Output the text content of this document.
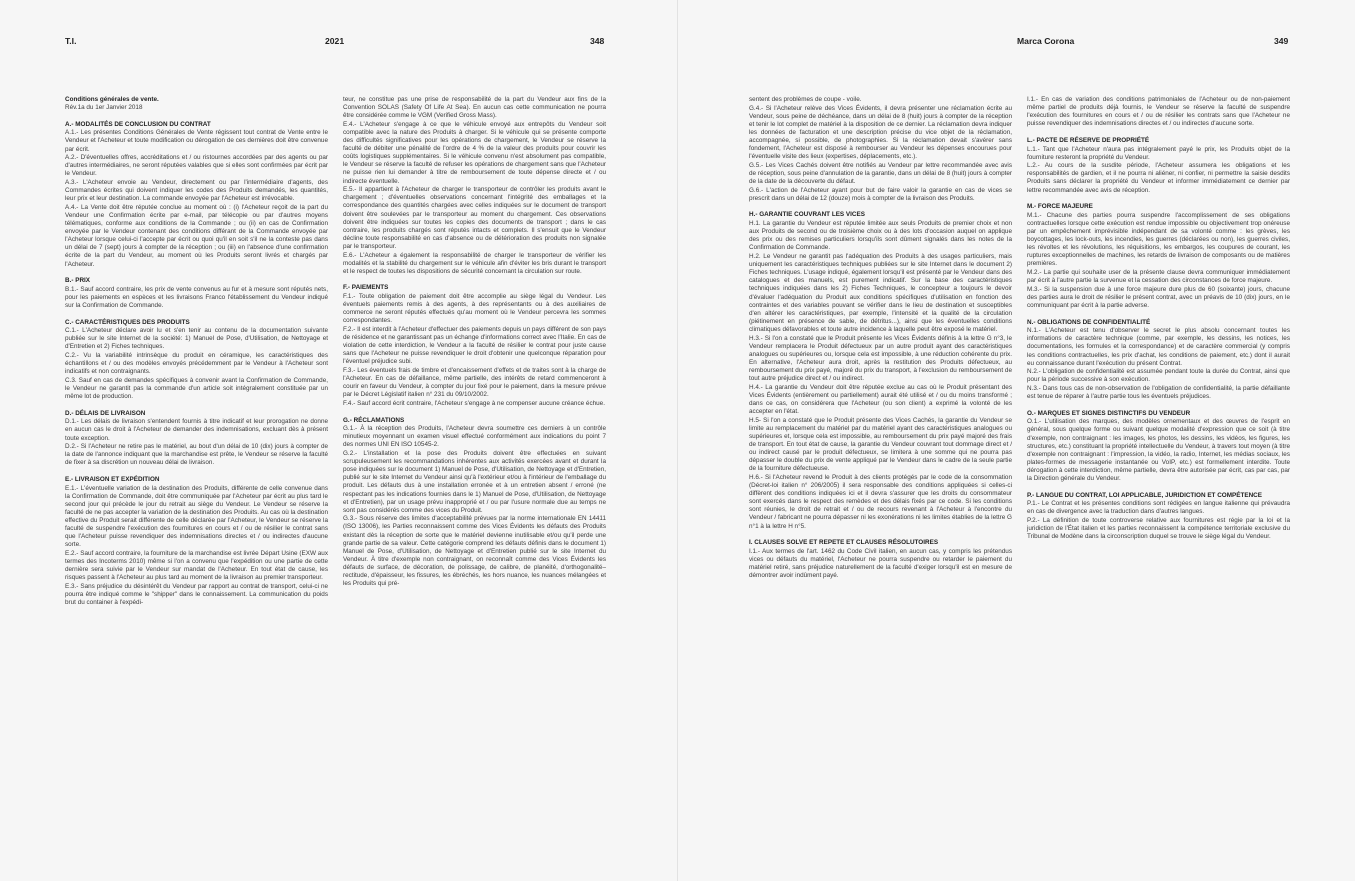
T.I.	2021	348	Marca Corona	349
Conditions générales de vente.
Rév.1a du 1er Janvier 2018

A.- MODALITÉS DE CONCLUSION DU CONTRAT

A.1.- Les présentes Conditions Générales de Vente régissent tout contrat de Vente entre le Vendeur et l'Acheteur et toute modification ou dérogation de ces dernières doit être convenue par écrit.

A.2.- D'éventuelles offres, accréditations et / ou ristournes accordées par des agents ou par d'autres intermédiaires, ne seront réputées valables que si elles sont confirmées par écrit par le Vendeur.

A.3.- L'Acheteur envoie au Vendeur, directement ou par l'intermédiaire d'agents, des Commandes écrites qui doivent indiquer les codes des Produits demandés, les quantités, leur prix et leur destination. La commande envoyée par l'Acheteur est irrévocable.

A.4.- La Vente doit être réputée conclue au moment où : (i) l'Acheteur reçoit de la part du Vendeur une Confirmation écrite par e-mail, par télécopie ou par d'autres moyens télématiques, conforme aux conditions de la Commande ; ou (ii) en cas de Confirmation envoyée par le Vendeur contenant des conditions différant de la Commande envoyée par l'Acheteur lorsque celui-ci l'accepte par écrit ou quoi qu'il en soit s'il ne la conteste pas dans un délai de 7 (sept) jours à compter de la réception ; ou (iii) en l'absence d'une confirmation écrite de la part du Vendeur, au moment où les Produits seront livrés et chargés par l'Acheteur.

B.- PRIX

B.1.- Sauf accord contraire, les prix de vente convenus au fur et à mesure sont réputés nets, pour les paiements en espèces et les livraisons Franco l'établissement du Vendeur indiqué sur la Confirmation de Commande.

C.- CARACTÉRISTIQUES DES PRODUITS

C.1.- L'Acheteur déclare avoir lu et s'en tenir au contenu de la documentation suivante publiée sur le site Internet de la société: 1) Manuel de Pose, d'Utilisation, de Nettoyage et d'Entretien et 2) Fiches techniques.

C.2.- Vu la variabilité intrinsèque du produit en céramique, les caractéristiques des échantillons et / ou des modèles envoyés précédemment par le Vendeur à l'Acheteur sont indicatifs et non contraignants.

C.3. Sauf en cas de demandes spécifiques à convenir avant la Confirmation de Commande, le Vendeur ne garantit pas la commande d'un article soit intégralement constituée par un même lot de production.

D.- DÉLAIS DE LIVRAISON

D.1.- Les délais de livraison s'entendent fournis à titre indicatif et leur prorogation ne donne en aucun cas le droit à l'Acheteur de demander des indemnisations, excluant dès à présent toute exception.

D.2.- Si l'Acheteur ne retire pas le matériel, au bout d'un délai de 10 (dix) jours à compter de la date de l'annonce indiquant que la marchandise est prête, le Vendeur se réserve la faculté de fixer à sa discrétion un nouveau délai de livraison.

E.- LIVRAISON ET EXPÉDITION

E.1.- L'éventuelle variation de la destination des Produits, différente de celle convenue dans la Confirmation de Commande, doit être communiquée par l'Acheteur par écrit au plus tard le second jour qui précède le jour du retrait au siège du Vendeur. Le Vendeur se réserve la faculté de ne pas accepter la variation de la destination des Produits. Au cas où la destination effective du Produit serait différente de celle déclarée par l'Acheteur, le Vendeur se réserve la faculté de suspendre l'exécution des fournitures en cours et / ou de résilier le contrat sans que l'Acheteur puisse revendiquer des indemnisations directes et / ou indirectes d'aucune sorte.

E.2.- Sauf accord contraire, la fourniture de la marchandise est livrée Départ Usine (EXW aux termes des Incoterms 2010) même si l'on a convenu que l'expédition ou une partie de cette dernière sera suivie par le Vendeur sur mandat de l'Acheteur. En tout état de cause, les risques passent à l'Acheteur au plus tard au moment de la livraison au premier transporteur.

E.3.- Sans préjudice du désintérêt du Vendeur par rapport au contrat de transport, celui-ci ne pourra être indiqué comme le "shipper" dans le connaissement. La communication du poids brut du container à l'expédi-

teur, ne constitue pas une prise de responsabilité de la part du Vendeur aux fins de la Convention SOLAS (Safety Of Life At Sea). En aucun cas cette communication ne pourra être considérée comme le VGM (Verified Gross Mass).

E.4.- L'Acheteur s'engage à ce que le véhicule envoyé aux entrepôts du Vendeur soit compatible avec la nature des Produits à charger. Si le véhicule qui se présente comporte des difficultés significatives pour les opérations de chargement, le Vendeur se réserve la faculté de débiter une pénalité de l'ordre de 4 % de la valeur des produits pour couvrir les coûts logistiques supplémentaires. Si le véhicule convenu n'est absolument pas compatible, le Vendeur se réserve la faculté de refuser les opérations de chargement sans que l'Acheteur ne puisse rien lui demander à titre de remboursement de toute dépense directe et / ou indirecte éventuelle.

E.5.- Il appartient à l'Acheteur de charger le transporteur de contrôler les produits avant le chargement ; d'éventuelles observations concernant l'intégrité des emballages et la correspondance des quantités chargées avec celles indiquées sur le document de transport doivent être soulevées par le transporteur au moment du chargement. Ces observations doivent être indiquées sur toutes les copies des documents de transport ; dans le cas contraire, les produits chargés sont réputés intacts et complets. Il s'ensuit que le Vendeur décline toute responsabilité en cas d'absence ou de détérioration des produits non signalée par le transporteur.

E.6.- L'Acheteur a également la responsabilité de charger le transporteur de vérifier les modalités et la stabilité du chargement sur le véhicule afin d'éviter les bris durant le transport et le respect de toutes les dispositions de sécurité concernant la circulation sur route.

F.- PAIEMENTS

F.1.- Toute obligation de paiement doit être accomplie au siège légal du Vendeur. Les éventuels paiements remis à des agents, à des représentants ou à des auxiliaires de commerce ne seront réputés effectués qu'au moment où le Vendeur percevra les sommes correspondantes.

F.2.- Il est interdit à l'Acheteur d'effectuer des paiements depuis un pays différent de son pays de résidence et ne garantissant pas un échange d'informations correct avec l'Italie. En cas de violation de cette interdiction, le Vendeur a la faculté de résilier le contrat pour juste cause sans que l'Acheteur ne puisse revendiquer le droit d'obtenir une quelconque réparation pour l'éventuel préjudice subi.

F.3.- Les éventuels frais de timbre et d'encaissement d'effets et de traites sont à la charge de l'Acheteur. En cas de défaillance, même partielle, des intérêts de retard commenceront à courir en faveur du Vendeur, à compter du jour fixé pour le paiement, dans la mesure prévue par le Décret Législatif italien n° 231 du 09/10/2002.

F.4.- Sauf accord écrit contraire, l'Acheteur s'engage à ne compenser aucune créance échue.

G.- RÉCLAMATIONS

G.1.- À la réception des Produits, l'Acheteur devra soumettre ces derniers à un contrôle minutieux moyennant un examen visuel effectué conformément aux indications du point 7 des normes UNI EN ISO 10545-2.

G.2.- L'installation et la pose des Produits doivent être effectuées en suivant scrupuleusement les recommandations inhérentes aux activités exercées avant et durant la pose indiquées sur le document 1) Manuel de Pose, d'Utilisation, de Nettoyage et d'Entretien, publié sur le site Internet du Vendeur ainsi qu'à l'extérieur et/ou à l'intérieur de l'emballage du produit. Les défauts dus à une installation erronée et à un entretien absent / erroné (ne respectant pas les indications fournies dans le 1) Manuel de Pose, d'Utilisation, de Nettoyage et d'Entretien), par un usage prévu inapproprié et / ou par l'usure normale due au temps ne sont pas considérés comme des vices du Produit.

G.3.- Sous réserve des limites d'acceptabilité prévues par la norme internationale EN 14411 (ISO 13006), les Parties reconnaissent comme des Vices Évidents les défauts des Produits existant dès la réception de sorte que le matériel devienne inutilisable et/ou qu'il perde une grande partie de sa valeur. Cette catégorie comprend les défauts définis dans le document 1) Manuel de Pose, d'Utilisation, de Nettoyage et d'Entretien publié sur le site Internet du Vendeur. À titre d'exemple non contraignant, on reconnaît comme des Vices Évidents les défauts de surface, de décoration, de polissage, de calibre, de planéité, d'orthogonalité–rectitude, d'épaisseur, les fissures, les ébréchés, les hors nuance, les nuances mélangées et les Produits qui pré-

sentent des problèmes de coupe - voile.

G.4.- Si l'Acheteur relève des Vices Évidents, il devra présenter une réclamation écrite au Vendeur, sous peine de déchéance, dans un délai de 8 (huit) jours à compter de la réception et tenir le lot complet de matériel à la disposition de ce dernier. La réclamation devra indiquer les données de facturation et une description précise du vice objet de la réclamation, accompagnée, si possible, de photographies. Si la réclamation devait s'avérer sans fondement, l'Acheteur est disposé à rembourser au Vendeur les dépenses encourues pour l'éventuelle visite des lieux (expertises, déplacements, etc.).

G.5.- Les Vices Cachés doivent être notifiés au Vendeur par lettre recommandée avec avis de réception, sous peine d'annulation de la garantie, dans un délai de 8 (huit) jours à compter de la date de la découverte du défaut.

G.6.- L'action de l'Acheteur ayant pour but de faire valoir la garantie en cas de vices se prescrit dans un délai de 12 (douze) mois à compter de la livraison des Produits.

H.- GARANTIE COUVRANT LES VICES

H.1. La garantie du Vendeur est réputée limitée aux seuls Produits de premier choix et non aux Produits de second ou de troisième choix ou à des lots d'occasion auquel on applique des prix ou des remises particuliers lorsqu'ils sont dûment signalés dans les notes de la Confirmation de Commande.

H.2. Le Vendeur ne garantit pas l'adéquation des Produits à des usages particuliers, mais uniquement les caractéristiques techniques publiées sur le site Internet dans le document 2) Fiches techniques. L'usage indiqué, également lorsqu'il est présenté par le Vendeur dans des catalogues et des manuels, est purement indicatif. Sur la base des caractéristiques techniques indiquées dans les 2) Fiches Techniques, le concepteur a toujours le devoir d'évaluer l'adéquation du Produit aux conditions spécifiques d'utilisation en fonction des contraintes et des variables pouvant se vérifier dans le lieu de destination et susceptibles d'en altérer les caractéristiques, par exemple, l'intensité et la qualité de la circulation (piétinement en présence de sable, de détritus...), ainsi que les éventuelles conditions climatiques défavorables et toute autre incidence à laquelle peut être exposé le matériel.

H.3.- Si l'on a constaté que le Produit présente les Vices Évidents définis à la lettre G n°3, le Vendeur remplacera le Produit défectueux par un autre produit ayant des caractéristiques analogues ou supérieures ou, lorsque cela est impossible, à une réduction cohérente du prix. En alternative, l'Acheteur aura droit, après la restitution des Produits défectueux, au remboursement du prix payé, majoré du prix du transport, à l'exclusion du remboursement de tout autre préjudice direct et / ou indirect.

H.4.- La garantie du Vendeur doit être réputée exclue au cas où le Produit présentant des Vices Évidents (entièrement ou partiellement) aurait été utilisé et / ou du moins transformé ; dans ce cas, on considérera que l'Acheteur (ou son client) a exprimé la volonté de les accepter en l'état.

H.5- Si l'on a constaté que le Produit présente des Vices Cachés, la garantie du Vendeur se limite au remplacement du matériel par du matériel ayant des caractéristiques analogues ou supérieures et, lorsque cela est impossible, au remboursement du prix payé majoré des frais de transport. En tout état de cause, la garantie du Vendeur couvrant tout dommage direct et / ou indirect causé par le produit défectueux, se limitera à une somme qui ne pourra pas dépasser le double du prix de vente appliqué par le Vendeur dans le cadre de la seule partie de la fourniture défectueuse.

H.6.- Si l'Acheteur revend le Produit à des clients protégés par le code de la consommation (Décret-loi italien n° 206/2005) il sera responsable des conditions appliquées si celles-ci diffèrent des conditions indiquées ici et il devra s'assurer que les droits du consommateur sont exercés dans le respect des remèdes et des délais fixés par ce code. Si les conditions sont réunies, le droit de retrait et / ou de recours revenant à l'Acheteur à l'encontre du Vendeur / fabricant ne pourra dépasser ni les exonérations ni les limites établies de la lettre G n°1 à la lettre H n°5.

I. CLAUSES SOLVE ET REPETE ET CLAUSES RÉSOLUTOIRES

I.1.- Aux termes de l'art. 1462 du Code Civil italien, en aucun cas, y compris les prétendus vices ou défauts du matériel, l'Acheteur ne pourra suspendre ou retarder le paiement du matériel retiré, sans préjudice naturellement de la faculté d'exiger lorsqu'il est en mesure de démontrer avoir indûment payé.

I.1.- En cas de variation des conditions patrimoniales de l'Acheteur ou de non-paiement même partiel de produits déjà fournis, le Vendeur se réserve la faculté de suspendre l'exécution des fournitures en cours et / ou de résilier les contrats sans que l'Acheteur ne puisse revendiquer des indemnisations directes et / ou indirectes d'aucune sorte.

L.- PACTE DE RÉSERVE DE PROPRIÉTÉ

L.1.- Tant que l'Acheteur n'aura pas intégralement payé le prix, les Produits objet de la fourniture resteront la propriété du Vendeur.

L.2.- Au cours de la susdite période, l'Acheteur assumera les obligations et les responsabilités de gardien, et il ne pourra ni aliéner, ni confier, ni permettre la saisie desdits Produits sans déclarer la propriété du Vendeur et informer immédiatement ce dernier par lettre recommandée avec avis de réception.

M.- FORCE MAJEURE

M.1.- Chacune des parties pourra suspendre l'accomplissement de ses obligations contractuelles lorsque cette exécution est rendue impossible ou objectivement trop onéreuse par un empêchement imprévisible indépendant de sa volonté comme : les grèves, les boycottages, les lock-outs, les incendies, les guerres (déclarées ou non), les guerres civiles, les révoltes et les révolutions, les réquisitions, les embargos, les coupures de courant, les ruptures exceptionnelles de machines, les retards de livraison de composants ou de matières premières.

M.2.- La partie qui souhaite user de la présente clause devra communiquer immédiatement par écrit à l'autre partie la survenue et la cessation des circonstances de force majeure.

M.3.- Si la suspension due à une force majeure dure plus de 60 (soixante) jours, chacune des parties aura le droit de résilier le présent contrat, avec un préavis de 10 (dix) jours, en le communiquant par écrit à la partie adverse.

N.- OBLIGATIONS DE CONFIDENTIALITÉ

N.1.- L'Acheteur est tenu d'observer le secret le plus absolu concernant toutes les informations de caractère technique (comme, par exemple, les dessins, les notices, les documentations, les formules et la correspondance) et de caractère commercial (y compris les conditions contractuelles, les prix d'achat, les conditions de paiement, etc.) dont il aurait eu connaissance durant l'exécution du présent Contrat.

N.2.- L'obligation de confidentialité est assumée pendant toute la durée du Contrat, ainsi que pour la période successive à son exécution.

N.3.- Dans tous cas de non-observation de l'obligation de confidentialité, la partie défaillante est tenue de réparer à l'autre partie tous les éventuels préjudices.

O.- MARQUES ET SIGNES DISTINCTIFS DU VENDEUR

O.1.- L'utilisation des marques, des modèles ornementaux et des œuvres de l'esprit en général, sous quelque forme ou suivant quelque modalité d'expression que ce soit (à titre d'exemple, non contraignant : les images, les photos, les dessins, les vidéos, les figures, les structures, etc.) constituant la propriété intellectuelle du Vendeur, à travers tout moyen (à titre d'exemple non contraignant : l'impression, la vidéo, la radio, Internet, les médias sociaux, les plates-formes de messagerie instantanée ou VoIP, etc.) est formellement interdite. Toute dérogation à cette interdiction, même partielle, devra être autorisée par écrit, cas par cas, par la Direction générale du Vendeur.

P.- LANGUE DU CONTRAT, LOI APPLICABLE, JURIDICTION ET COMPÉTENCE

P.1.- Le Contrat et les présentes conditions sont rédigées en langue italienne qui prévaudra en cas de divergence avec la traduction dans d'autres langues.

P.2.- La définition de toute controverse relative aux fournitures est régie par la loi et la juridiction de l'État italien et les parties reconnaissent la compétence territoriale exclusive du Tribunal de Modène dans la circonscription duquel se trouve le siège légal du Vendeur.
